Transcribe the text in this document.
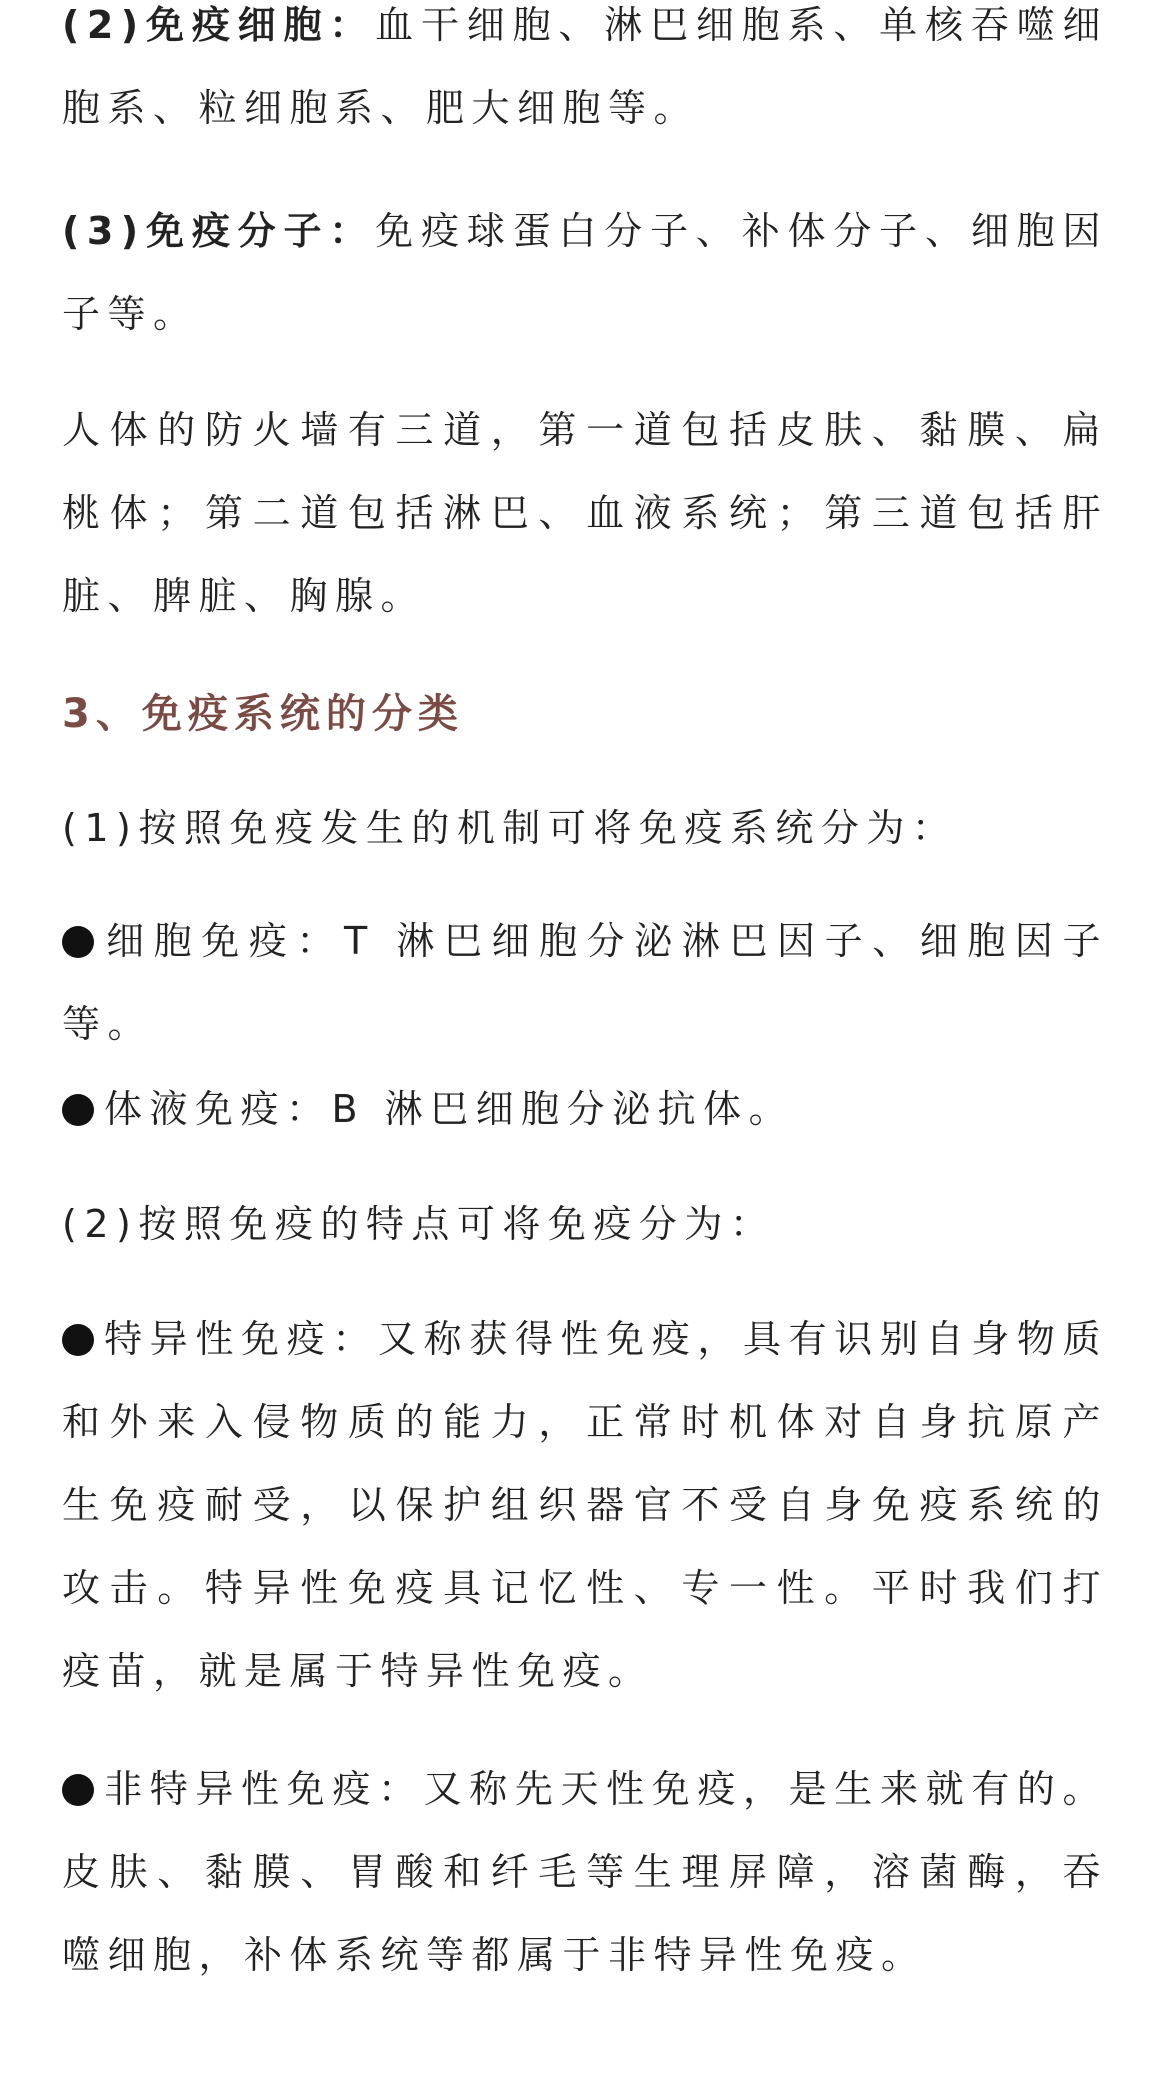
(2)免疫细胞：血干细胞、淋巴细胞系、单核吞噬细胞系、粒细胞系、肥大细胞等。

(3)免疫分子：免疫球蛋白分子、补体分子、细胞因子等。

人体的防火墙有三道，第一道包括皮肤、黏膜、扁桃体；第二道包括淋巴、血液系统；第三道包括肝脏、脾脏、胸腺。

3、免疫系统的分类

(1)按照免疫发生的机制可将免疫系统分为：

细胞免疫：T 淋巴细胞分泌淋巴因子、细胞因子等。

体液免疫：B 淋巴细胞分泌抗体。

(2)按照免疫的特点可将免疫分为：

特异性免疫：又称获得性免疫，具有识别自身物质和外来入侵物质的能力，正常时机体对自身抗原产生免疫耐受，以保护组织器官不受自身免疫系统的攻击。特异性免疫具记忆性、专一性。平时我们打疫苗，就是属于特异性免疫。

非特异性免疫：又称先天性免疫，是生来就有的。皮肤、黏膜、胃酸和纤毛等生理屏障，溶菌酶，吞噬细胞，补体系统等都属于非特异性免疫。
